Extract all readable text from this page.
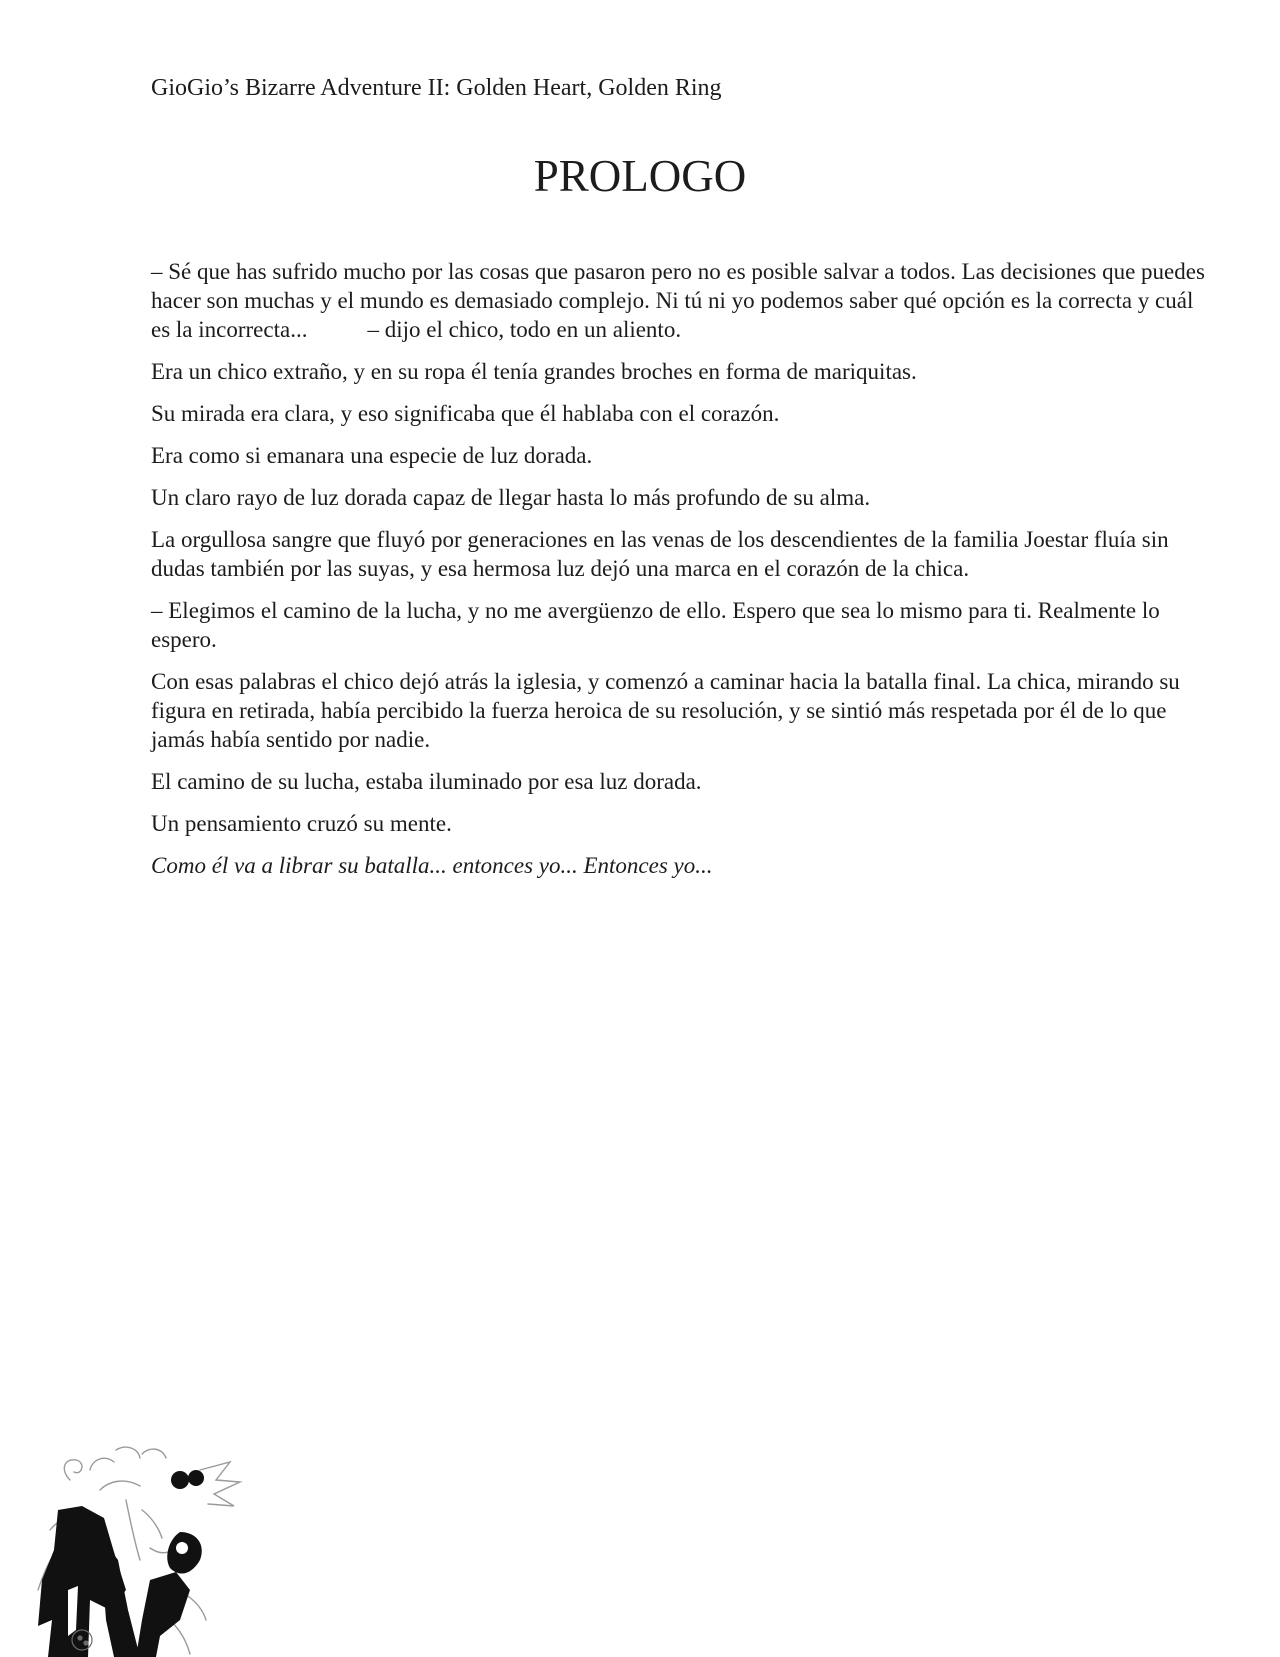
GioGio’s Bizarre Adventure II: Golden Heart, Golden Ring
PROLOGO

– Sé que has sufrido mucho por las cosas que pasaron pero no es posible salvar a todos. Las decisiones que puedes hacer son muchas y el mundo es demasiado complejo. Ni tú ni yo podemos saber qué opción es la correcta y cuál es la incorrecta...	– dijo el chico, todo en un aliento.

Era un chico extraño, y en su ropa él tenía grandes broches en forma de mariquitas.

Su mirada era clara, y eso significaba que él hablaba con el corazón.

Era como si emanara una especie de luz dorada.

Un claro rayo de luz dorada capaz de llegar hasta lo más profundo de su alma.

La orgullosa sangre que fluyó por generaciones en las venas de los descendientes de la familia Joestar fluía sin dudas también por las suyas, y esa hermosa luz dejó una marca en el corazón de la chica.

– Elegimos el camino de la lucha, y no me avergüenzo de ello. Espero que sea lo mismo para ti. Realmente lo espero.

Con esas palabras el chico dejó atrás la iglesia, y comenzó a caminar hacia la batalla final. La chica, mirando su figura en retirada, había percibido la fuerza heroica de su resolución, y se sintió más respetada por él de lo que jamás había sentido por nadie.

El camino de su lucha, estaba iluminado por esa luz dorada.

Un pensamiento cruzó su mente.

Como él va a librar su batalla... entonces yo... Entonces yo...
